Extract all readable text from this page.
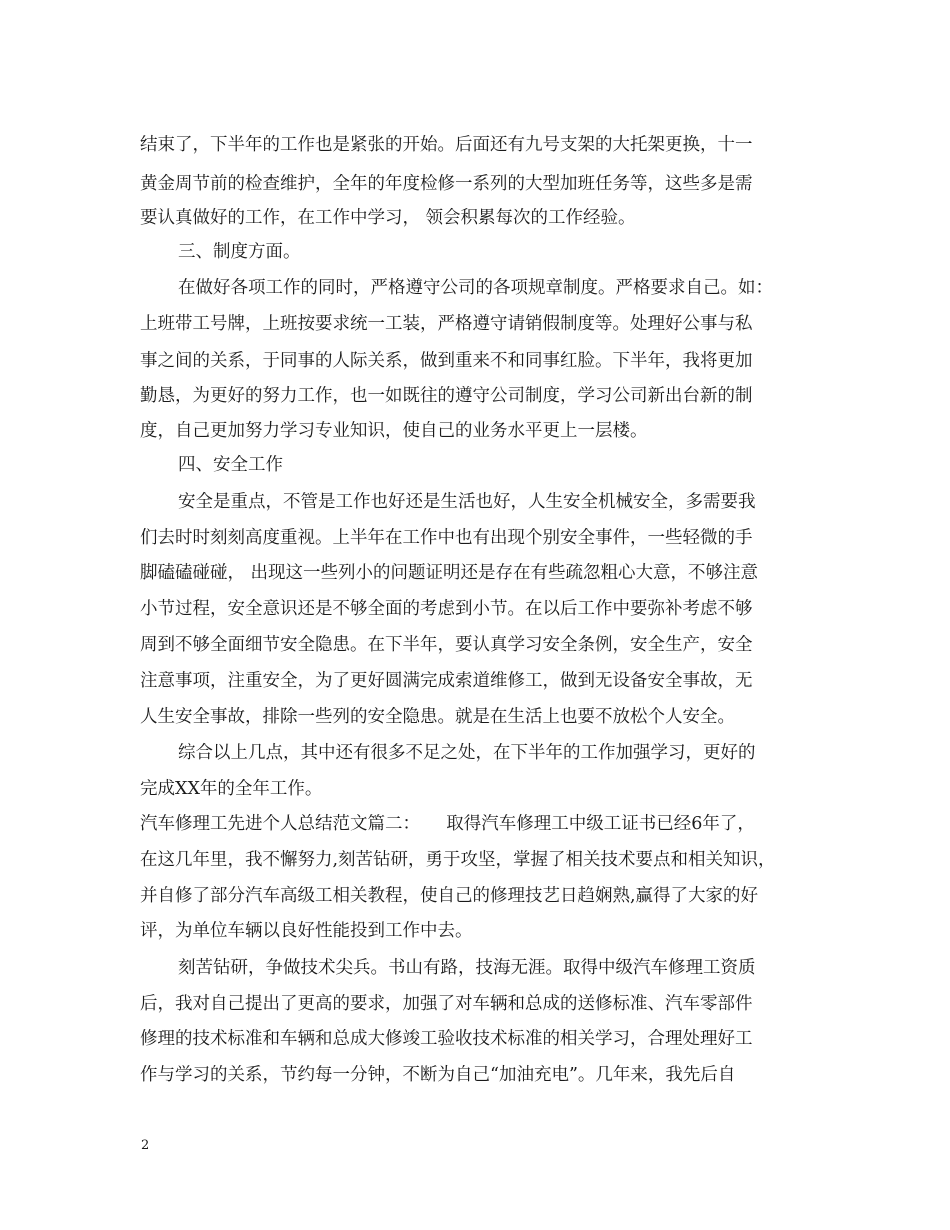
结束了，下半年的工作也是紧张的开始。后面还有九号支架的大托架更换，十一
黄金周节前的检查维护，全年的年度检修一系列的大型加班任务等，这些多是需
要认真做好的工作，在工作中学习， 领会积累每次的工作经验。
三、制度方面。
在做好各项工作的同时，严格遵守公司的各项规章制度。严格要求自己。如：
上班带工号牌，上班按要求统一工装，严格遵守请销假制度等。处理好公事与私
事之间的关系，于同事的人际关系，做到重来不和同事红脸。下半年，我将更加
勤恳，为更好的努力工作，也一如既往的遵守公司制度，学习公司新出台新的制
度，自己更加努力学习专业知识，使自己的业务水平更上一层楼。
四、安全工作
安全是重点，不管是工作也好还是生活也好，人生安全机械安全，多需要我
们去时时刻刻高度重视。上半年在工作中也有出现个别安全事件，一些轻微的手
脚磕磕碰碰， 出现这一些列小的问题证明还是存在有些疏忽粗心大意，不够注意
小节过程，安全意识还是不够全面的考虑到小节。在以后工作中要弥补考虑不够
周到不够全面细节安全隐患。在下半年，要认真学习安全条例，安全生产，安全
注意事项，注重安全，为了更好圆满完成索道维修工，做到无设备安全事故，无
人生安全事故，排除一些列的安全隐患。就是在生活上也要不放松个人安全。
综合以上几点，其中还有很多不足之处，在下半年的工作加强学习，更好的
完成XX年的全年工作。
汽车修理工先进个人总结范文篇二：　　取得汽车修理工中级工证书已经6年了，
在这几年里，我不懈努力,刻苦钻研，勇于攻坚，掌握了相关技术要点和相关知识，
并自修了部分汽车高级工相关教程，使自己的修理技艺日趋娴熟,赢得了大家的好
评，为单位车辆以良好性能投到工作中去。
刻苦钻研，争做技术尖兵。书山有路，技海无涯。取得中级汽车修理工资质
后，我对自己提出了更高的要求，加强了对车辆和总成的送修标准、汽车零部件
修理的技术标准和车辆和总成大修竣工验收技术标准的相关学习，合理处理好工
作与学习的关系，节约每一分钟，不断为自己“加油充电”。几年来，我先后自
2
